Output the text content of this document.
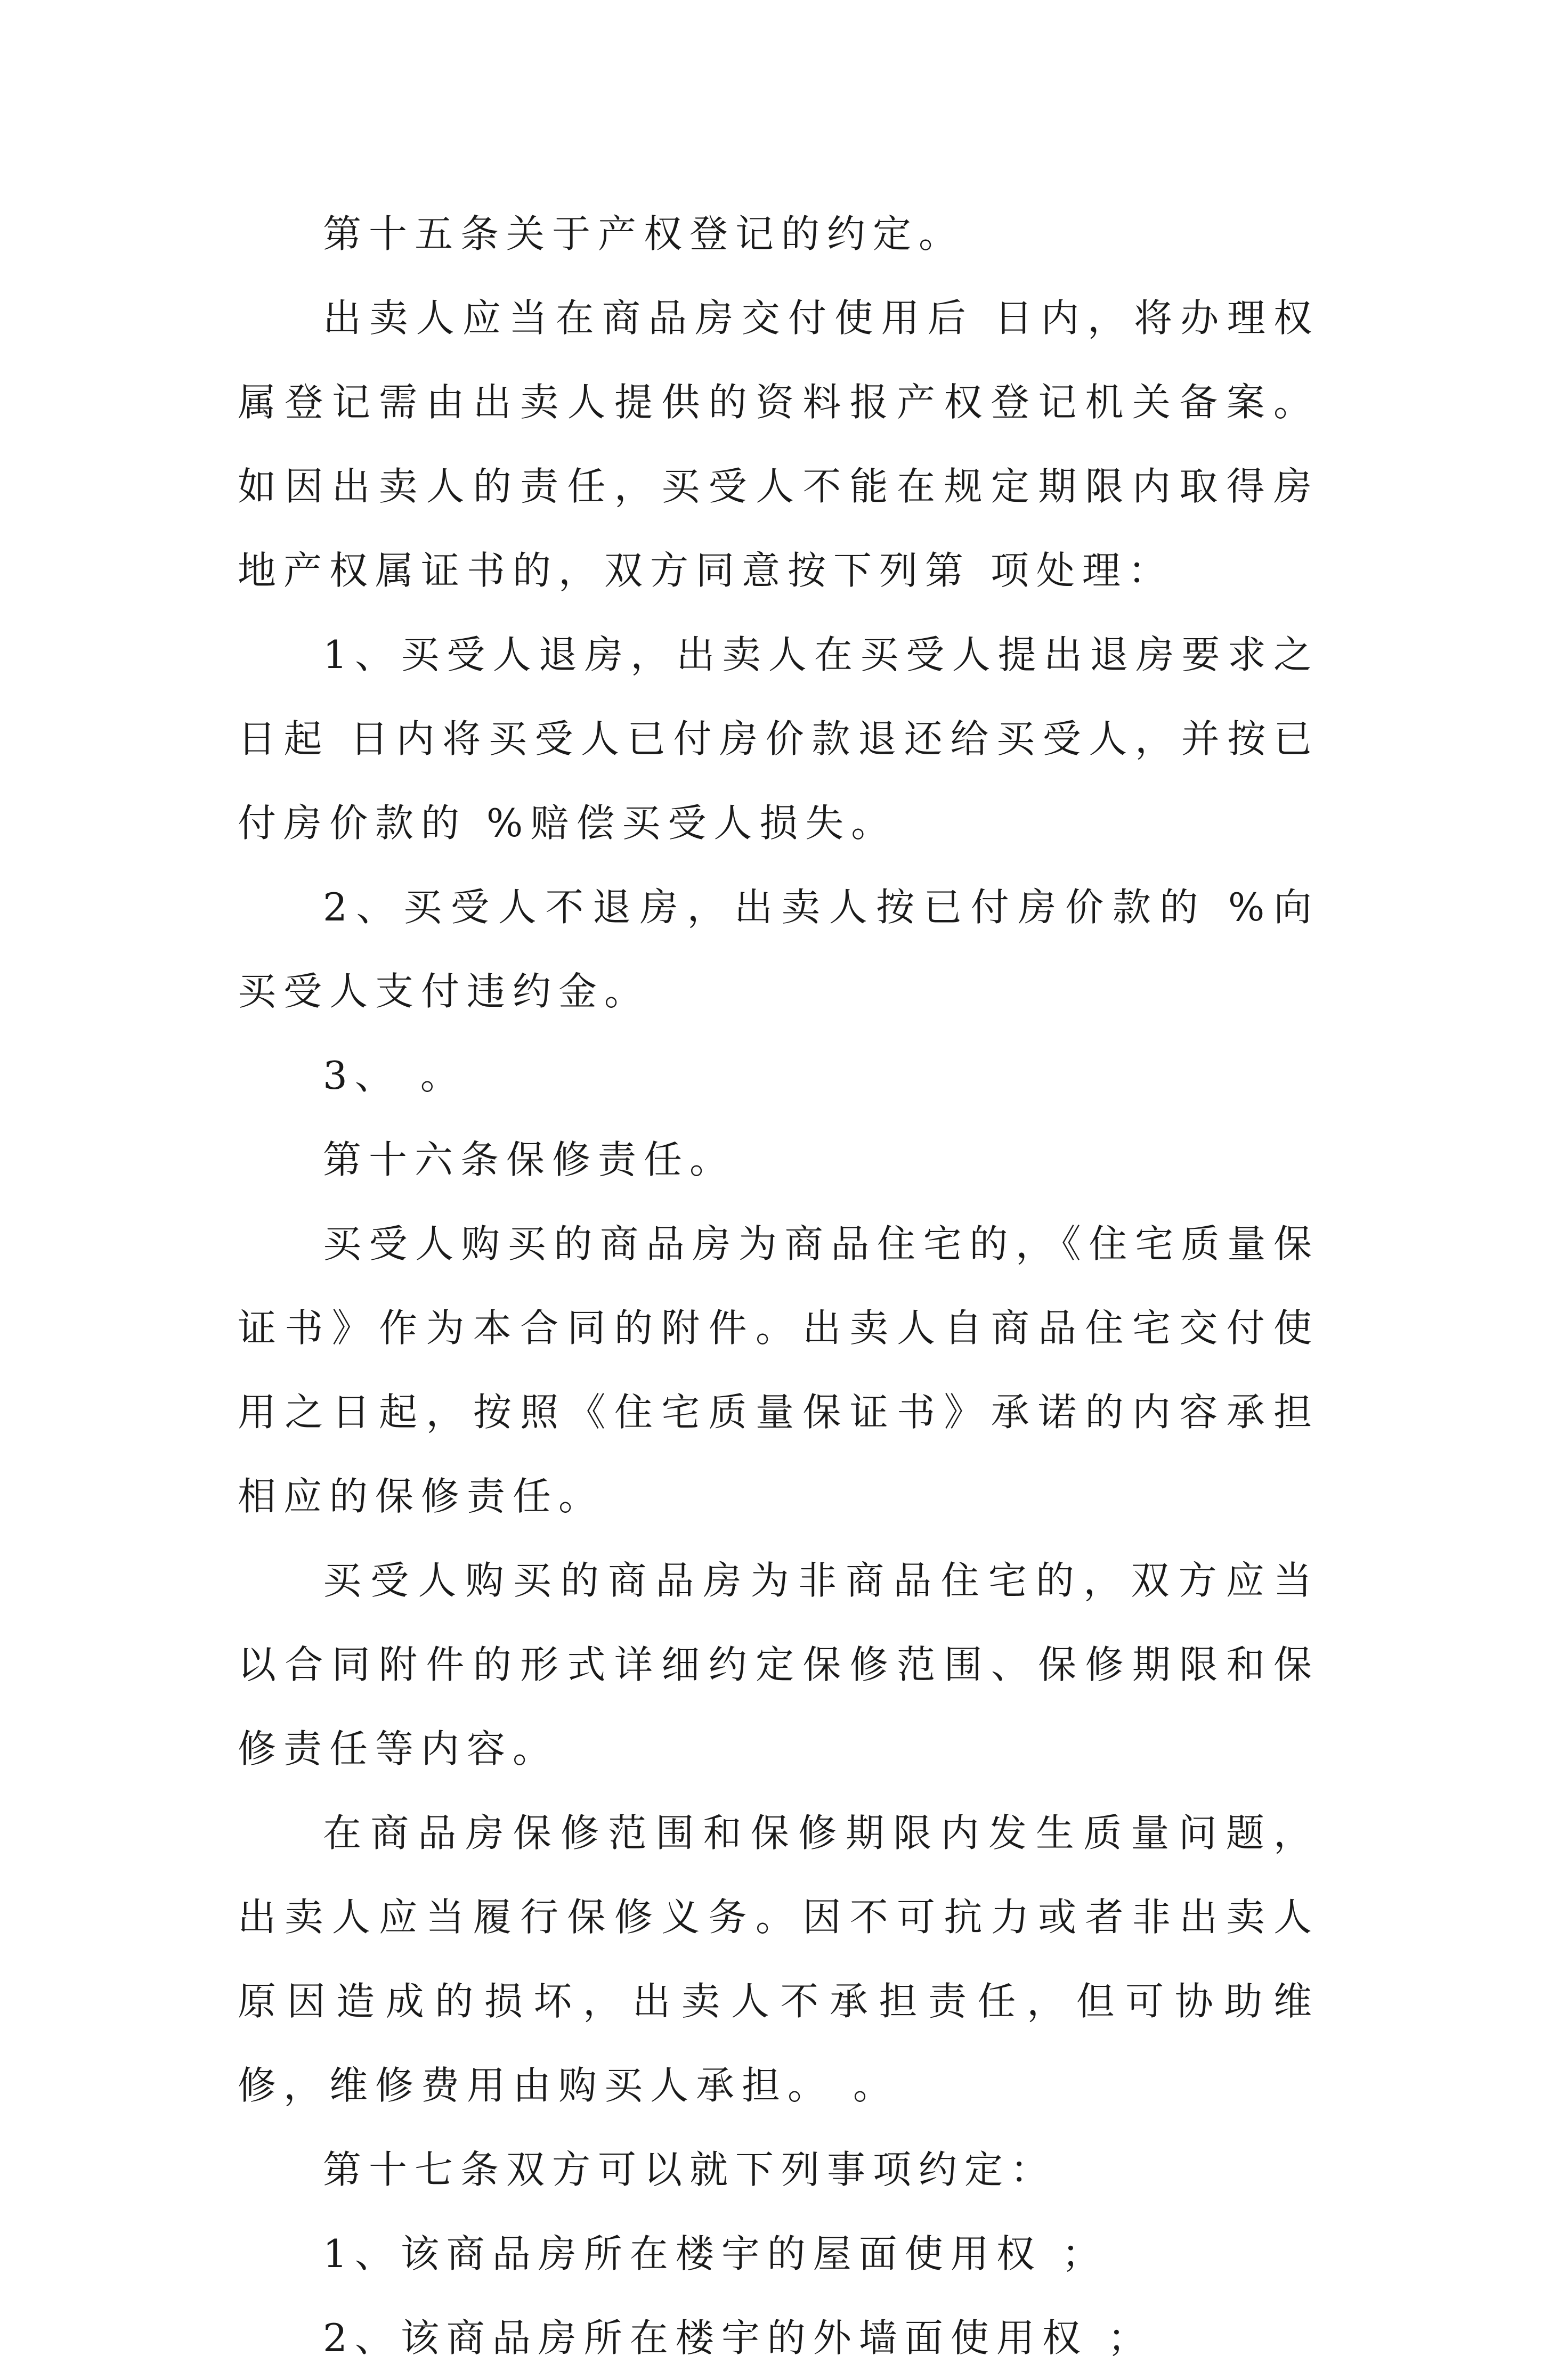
第十五条关于产权登记的约定。

出卖人应当在商品房交付使用后 日内，将办理权属登记需由出卖人提供的资料报产权登记机关备案。如因出卖人的责任，买受人不能在规定期限内取得房地产权属证书的，双方同意按下列第 项处理：

1、买受人退房，出卖人在买受人提出退房要求之日起 日内将买受人已付房价款退还给买受人，并按已付房价款的 %赔偿买受人损失。

2、买受人不退房，出卖人按已付房价款的 %向买受人支付违约金。

3、 。

第十六条保修责任。

买受人购买的商品房为商品住宅的，《住宅质量保证书》作为本合同的附件。出卖人自商品住宅交付使用之日起，按照《住宅质量保证书》承诺的内容承担相应的保修责任。

买受人购买的商品房为非商品住宅的，双方应当以合同附件的形式详细约定保修范围、保修期限和保修责任等内容。

在商品房保修范围和保修期限内发生质量问题，出卖人应当履行保修义务。因不可抗力或者非出卖人原因造成的损坏，出卖人不承担责任，但可协助维修，维修费用由购买人承担。 。

第十七条双方可以就下列事项约定：

1、该商品房所在楼宇的屋面使用权 ；

2、该商品房所在楼宇的外墙面使用权 ；
